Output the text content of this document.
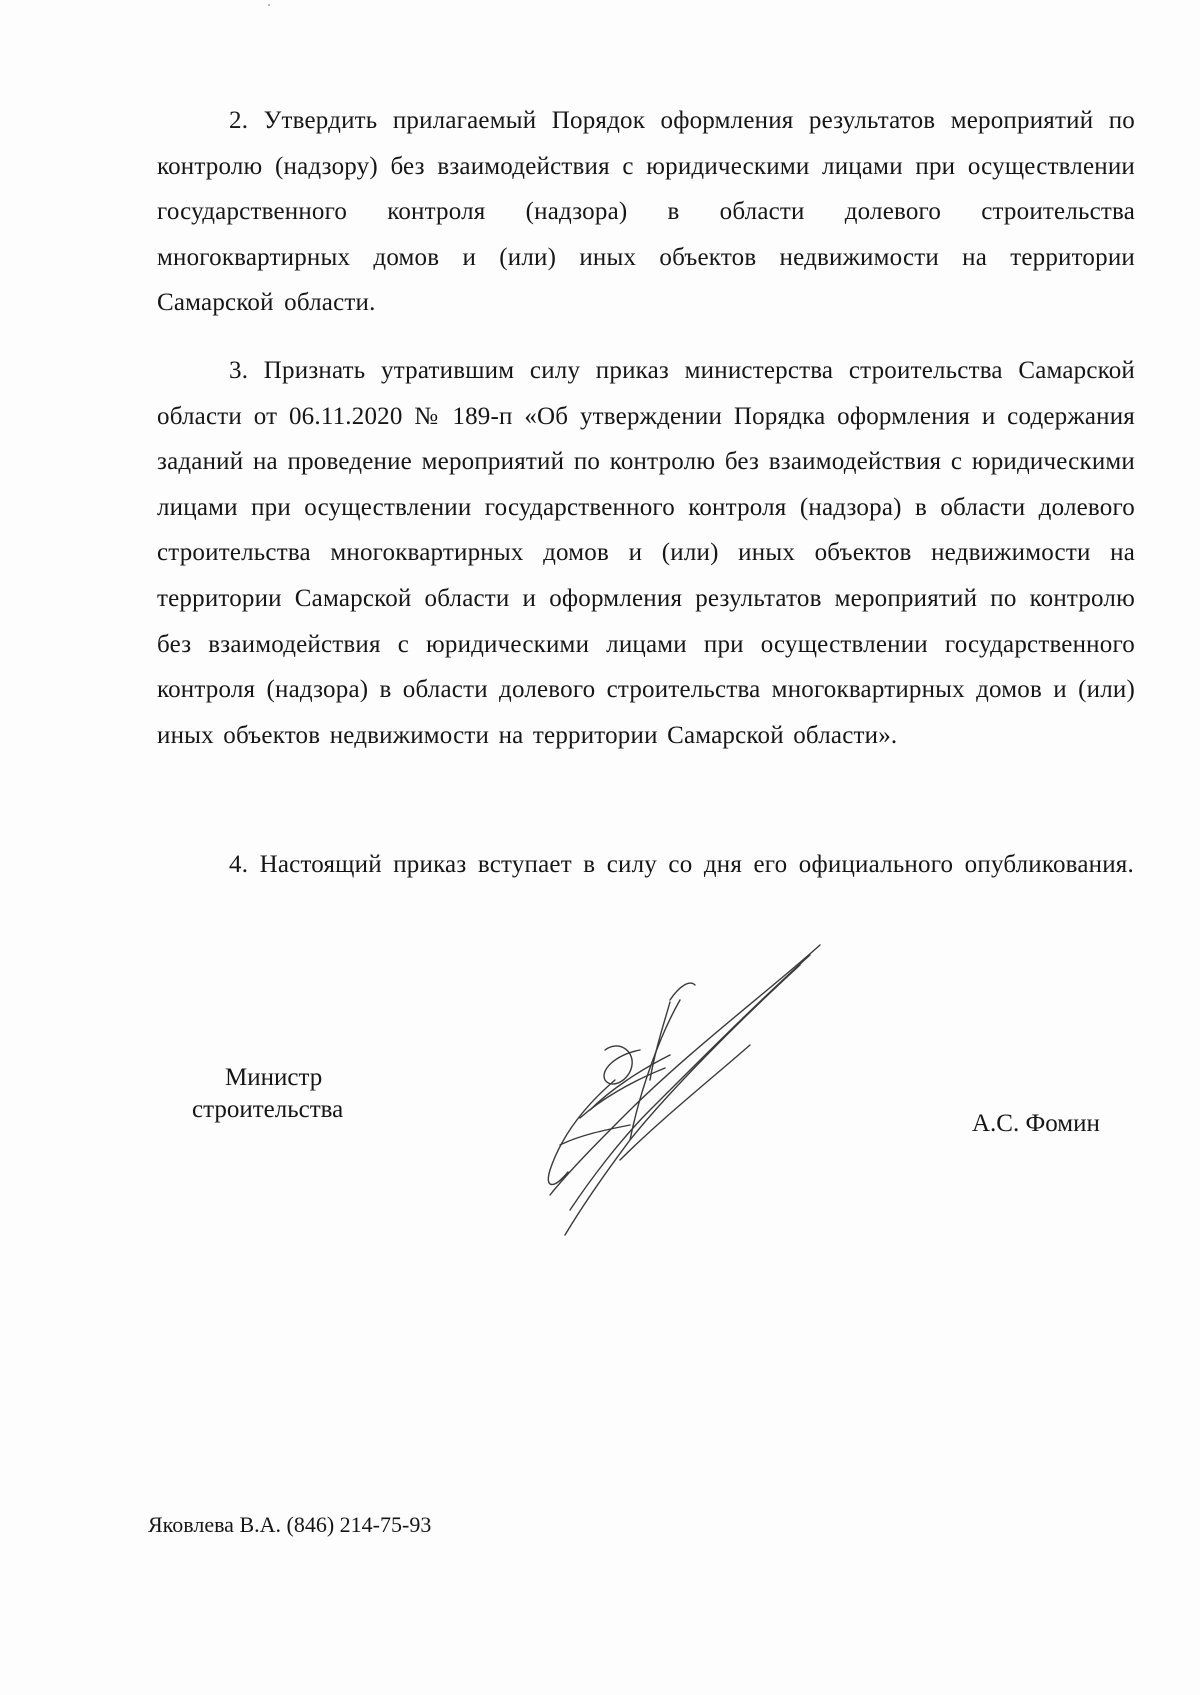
2. Утвердить прилагаемый Порядок оформления результатов мероприятий по контролю (надзору) без взаимодействия с юридическими лицами при осуществлении государственного контроля (надзора) в области долевого строительства многоквартирных домов и (или) иных объектов недвижимости на территории Самарской области.

3. Признать утратившим силу приказ министерства строительства Самарской области от 06.11.2020 № 189-п «Об утверждении Порядка оформления и содержания заданий на проведение мероприятий по контролю без взаимодействия с юридическими лицами при осуществлении государственного контроля (надзора) в области долевого строительства многоквартирных домов и (или) иных объектов недвижимости на территории Самарской области и оформления результатов мероприятий по контролю без взаимодействия с юридическими лицами при осуществлении государственного контроля (надзора) в области долевого строительства многоквартирных домов и (или) иных объектов недвижимости на территории Самарской области».

4. Настоящий приказ вступает в силу со дня его официального опубликования.

Министр
строительства
А.С. Фомин
Яковлева В.А. (846) 214-75-93
